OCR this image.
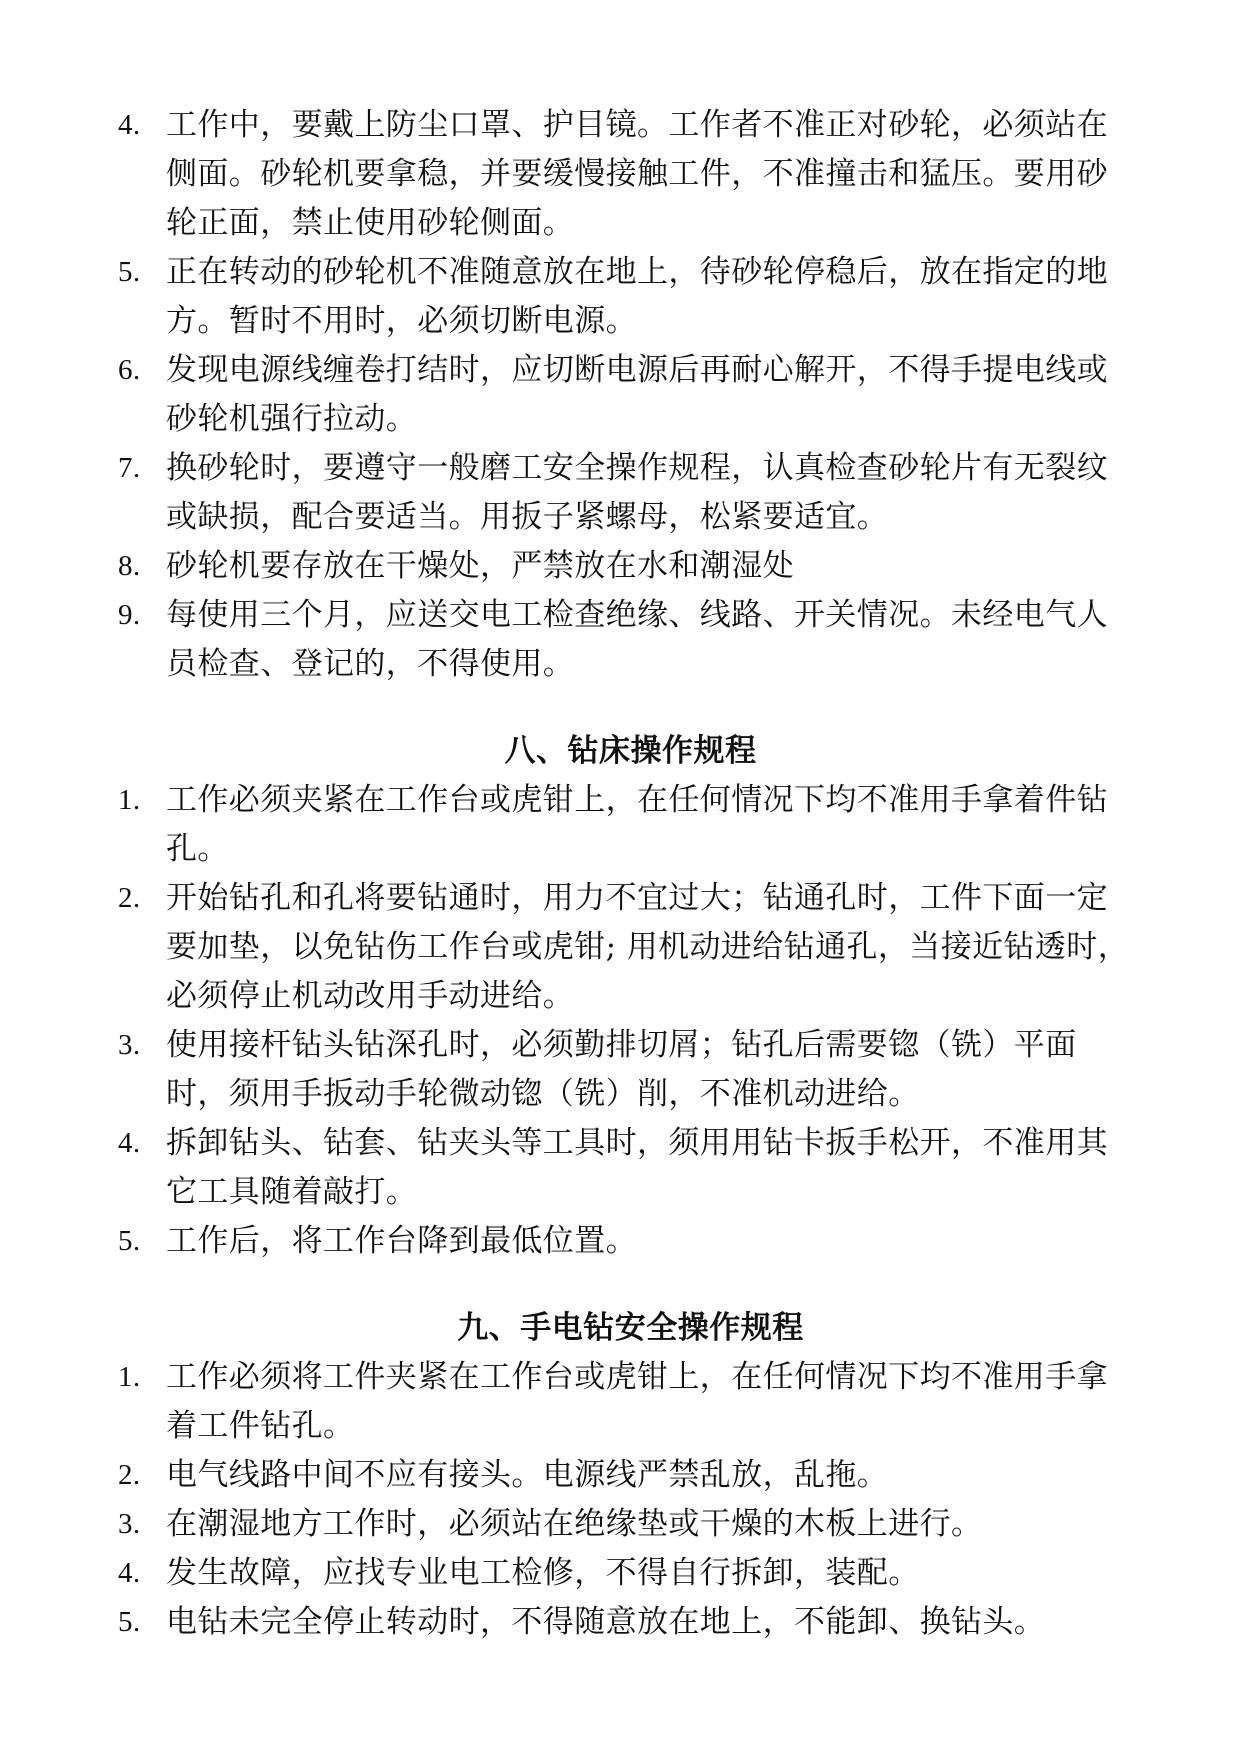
4. 工作中，要戴上防尘口罩、护目镜。工作者不准正对砂轮，必须站在侧面。砂轮机要拿稳，并要缓慢接触工件，不准撞击和猛压。要用砂轮正面，禁止使用砂轮侧面。
5. 正在转动的砂轮机不准随意放在地上，待砂轮停稳后，放在指定的地方。暂时不用时，必须切断电源。
6. 发现电源线缠卷打结时，应切断电源后再耐心解开，不得手提电线或砂轮机强行拉动。
7. 换砂轮时，要遵守一般磨工安全操作规程，认真检查砂轮片有无裂纹或缺损，配合要适当。用扳子紧螺母，松紧要适宜。
8. 砂轮机要存放在干燥处，严禁放在水和潮湿处
9. 每使用三个月，应送交电工检查绝缘、线路、开关情况。未经电气人员检查、登记的，不得使用。
八、钻床操作规程
1. 工作必须夹紧在工作台或虎钳上，在任何情况下均不准用手拿着件钻孔。
2. 开始钻孔和孔将要钻通时，用力不宜过大；钻通孔时，工件下面一定要加垫，以免钻伤工作台或虎钳; 用机动进给钻通孔，当接近钻透时，必须停止机动改用手动进给。
3. 使用接杆钻头钻深孔时，必须勤排切屑；钻孔后需要锪（铣）平面时，须用手扳动手轮微动锪（铣）削，不准机动进给。
4. 拆卸钻头、钻套、钻夹头等工具时，须用用钻卡扳手松开，不准用其它工具随着敲打。
5. 工作后，将工作台降到最低位置。
九、手电钻安全操作规程
1. 工作必须将工件夹紧在工作台或虎钳上，在任何情况下均不准用手拿着工件钻孔。
2. 电气线路中间不应有接头。电源线严禁乱放，乱拖。
3. 在潮湿地方工作时，必须站在绝缘垫或干燥的木板上进行。
4. 发生故障，应找专业电工检修，不得自行拆卸，装配。
5. 电钻未完全停止转动时，不得随意放在地上，不能卸、换钻头。
